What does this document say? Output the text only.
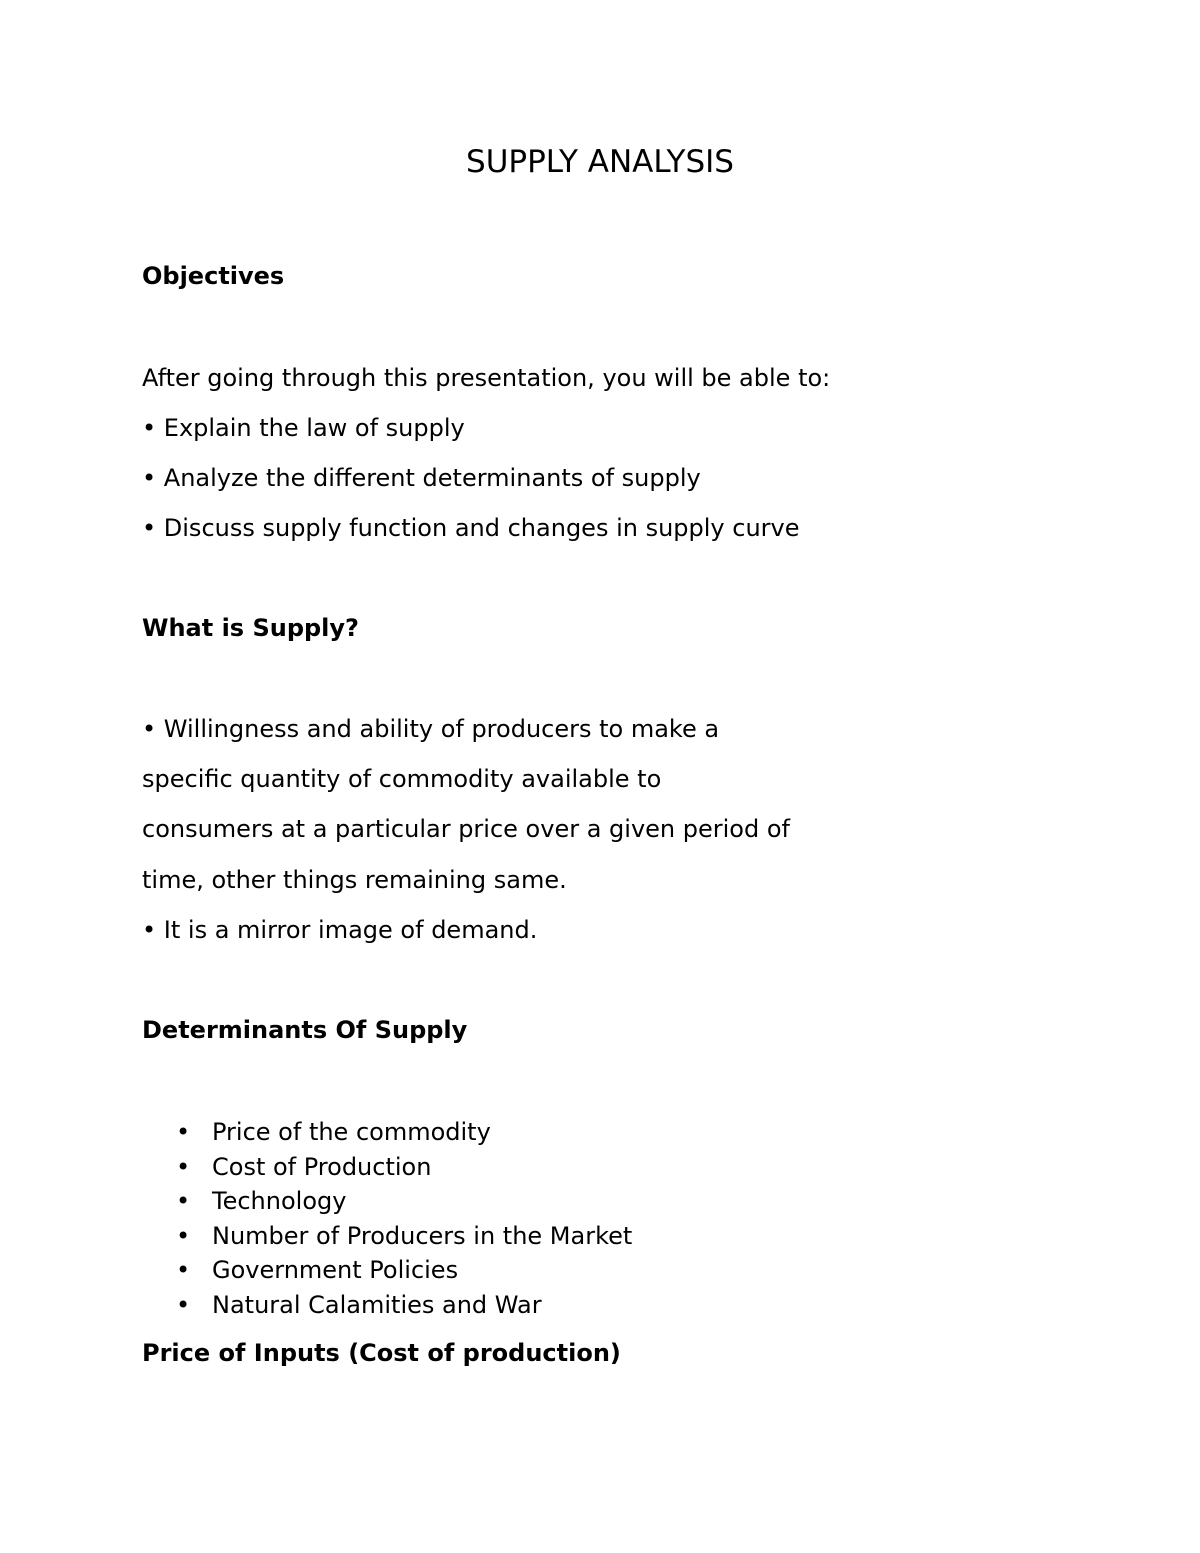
SUPPLY ANALYSIS
Objectives
After going through this presentation, you will be able to:
• Explain the law of supply
• Analyze the different determinants of supply
• Discuss supply function and changes in supply curve
What is Supply?
• Willingness and ability of producers to make a
specific quantity of commodity available to
consumers at a particular price over a given period of
time, other things remaining same.
• It is a mirror image of demand.
Determinants Of Supply
• Price of the commodity
• Cost of Production
• Technology
• Number of Producers in the Market
• Government Policies
• Natural Calamities and War
Price of Inputs (Cost of production)
